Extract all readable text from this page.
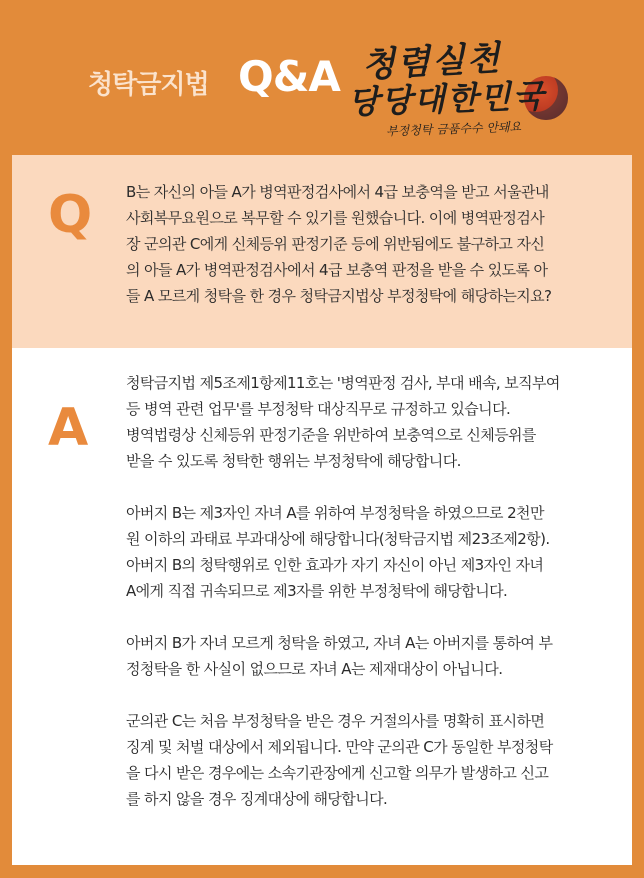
청탁금지법 Q&A 청렴실천
당당대한민국
부정청탁 금품수수 안돼요
Q B는 자신의 아들 A가 병역판정검사에서 4급 보충역을 받고 서울관내
사회복무요원으로 복무할 수 있기를 원했습니다. 이에 병역판정검사
장 군의관 C에게 신체등위 판정기준 등에 위반됨에도 불구하고 자신
의 아들 A가 병역판정검사에서 4급 보충역 판정을 받을 수 있도록 아
들 A 모르게 청탁을 한 경우 청탁금지법상 부정청탁에 해당하는지요?

A

청탁금지법 제5조제1항제11호는 '병역판정 검사, 부대 배속, 보직부여
등 병역 관련 업무'를 부정청탁 대상직무로 규정하고 있습니다.
병역법령상 신체등위 판정기준을 위반하여 보충역으로 신체등위를
받을 수 있도록 청탁한 행위는 부정청탁에 해당합니다.

아버지 B는 제3자인 자녀 A를 위하여 부정청탁을 하였으므로 2천만
원 이하의 과태료 부과대상에 해당합니다(청탁금지법 제23조제2항).
아버지 B의 청탁행위로 인한 효과가 자기 자신이 아닌 제3자인 자녀
A에게 직접 귀속되므로 제3자를 위한 부정청탁에 해당합니다.

아버지 B가 자녀 모르게 청탁을 하였고, 자녀 A는 아버지를 통하여 부
정청탁을 한 사실이 없으므로 자녀 A는 제재대상이 아닙니다.

군의관 C는 처음 부정청탁을 받은 경우 거절의사를 명확히 표시하면
징계 및 처벌 대상에서 제외됩니다. 만약 군의관 C가 동일한 부정청탁
을 다시 받은 경우에는 소속기관장에게 신고할 의무가 발생하고 신고
를 하지 않을 경우 징계대상에 해당합니다.
